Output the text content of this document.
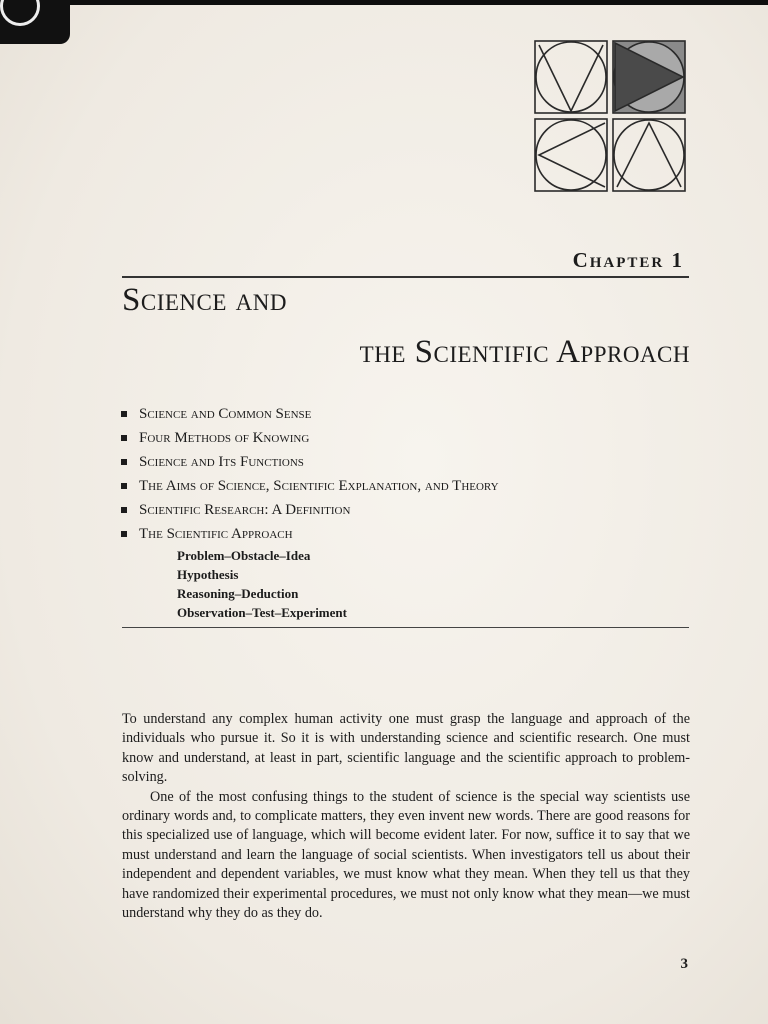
Chapter 1
Science and
the Scientific Approach
Science and Common Sense
Four Methods of Knowing
Science and Its Functions
The Aims of Science, Scientific Explanation, and Theory
Scientific Research: A Definition
The Scientific Approach
Problem–Obstacle–Idea
Hypothesis
Reasoning–Deduction
Observation–Test–Experiment

To understand any complex human activity one must grasp the language and approach of the individuals who pursue it. So it is with understanding science and scientific research. One must know and understand, at least in part, scientific language and the scientific approach to problem-solving.

One of the most confusing things to the student of science is the special way scientists use ordinary words and, to complicate matters, they even invent new words. There are good reasons for this specialized use of language, which will become evident later. For now, suffice it to say that we must understand and learn the language of social scientists. When investigators tell us about their independent and dependent variables, we must know what they mean. When they tell us that they have randomized their experimental procedures, we must not only know what they mean—we must understand why they do as they do.

3
